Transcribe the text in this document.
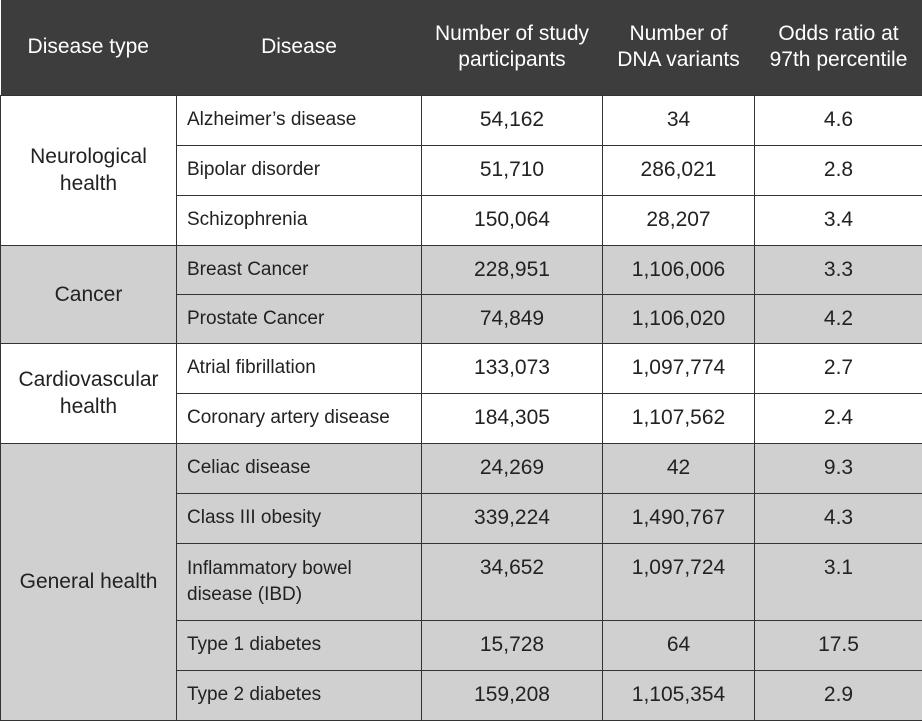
Disease type	Disease	Number of study participants	Number of DNA variants	Odds ratio at 97th percentile
Neurological health	Alzheimer’s disease	54,162	34	4.6
	Bipolar disorder	51,710	286,021	2.8
	Schizophrenia	150,064	28,207	3.4
Cancer	Breast Cancer	228,951	1,106,006	3.3
	Prostate Cancer	74,849	1,106,020	4.2
Cardiovascular health	Atrial fibrillation	133,073	1,097,774	2.7
	Coronary artery disease	184,305	1,107,562	2.4
General health	Celiac disease	24,269	42	9.3
	Class III obesity	339,224	1,490,767	4.3
	Inflammatory bowel disease (IBD)	34,652	1,097,724	3.1
	Type 1 diabetes	15,728	64	17.5
	Type 2 diabetes	159,208	1,105,354	2.9
